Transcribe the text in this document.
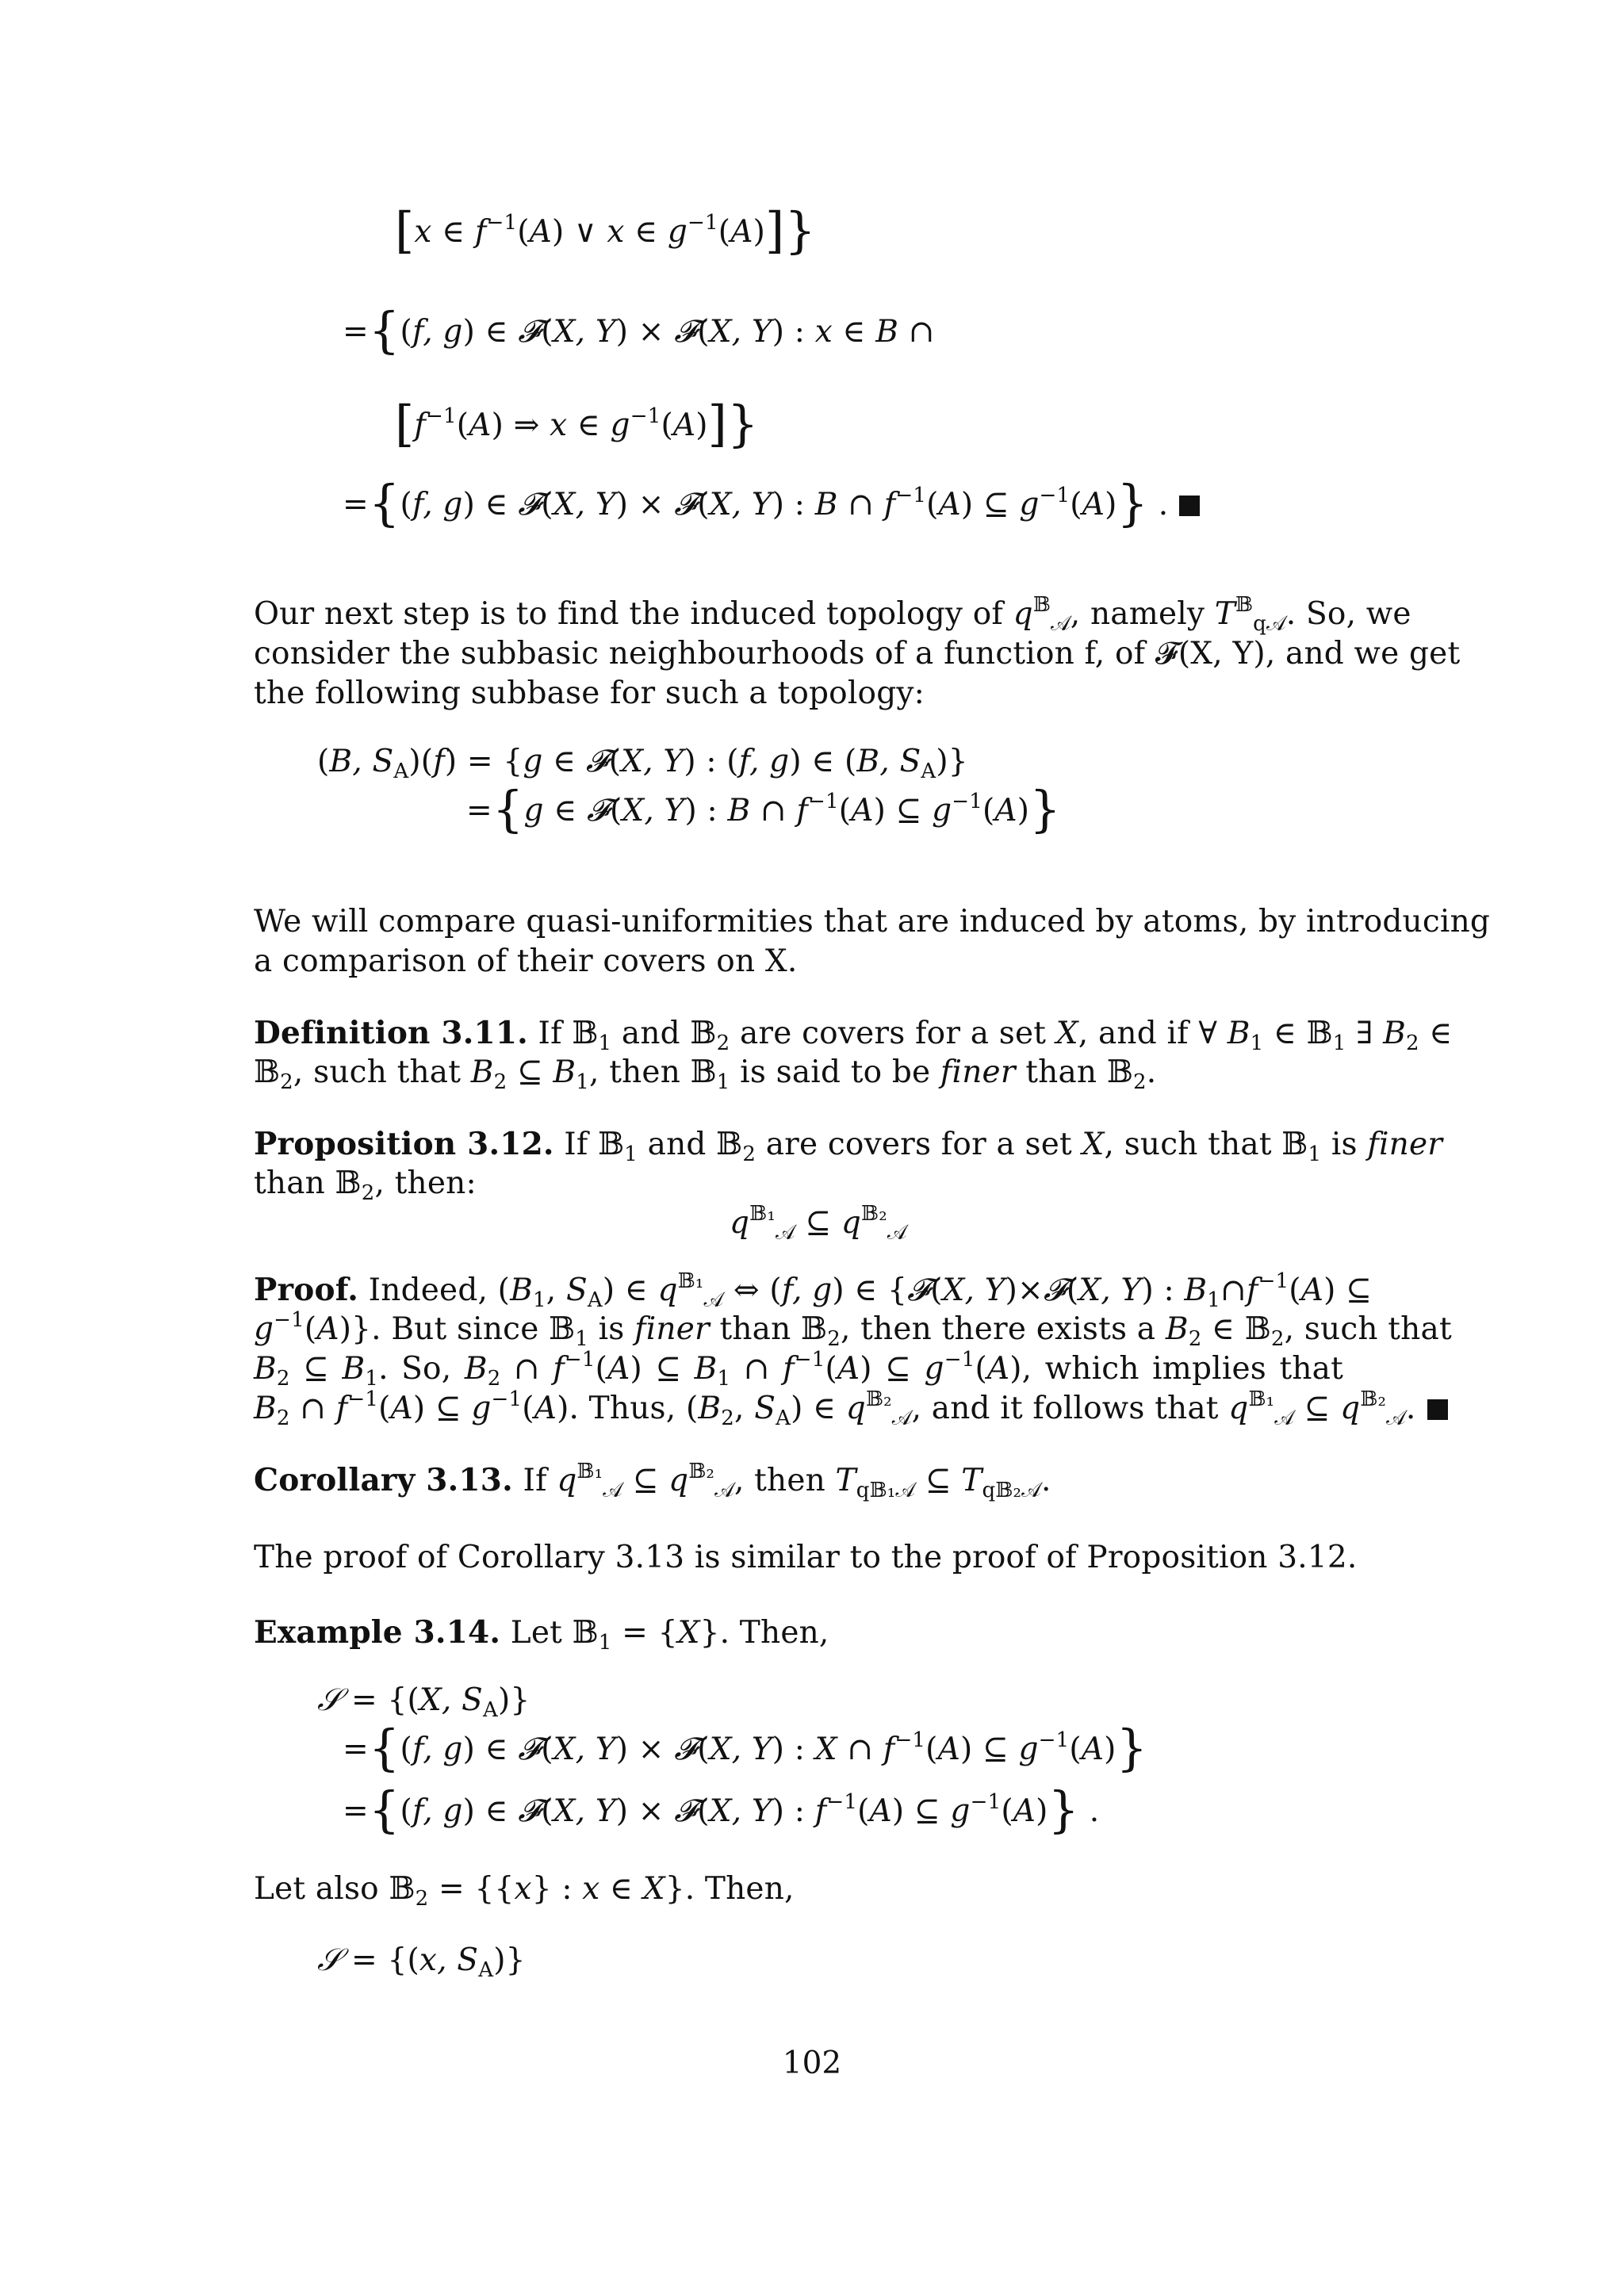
[x ∈ $f^{-1}(A)$ ∨ x ∈ $g^{-1}(A)$]}
={(f, g) ∈ 𝓕(X, Y) × 𝓕(X, Y) : x ∈ B ∩
[$f^{-1}(A)$ ⇒ x ∈ $g^{-1}(A)$]}
={(f, g) ∈ 𝓕(X, Y) × 𝓕(X, Y) : B ∩ $f^{-1}(A)$ ⊆ $g^{-1}(A)$} .
Our next step is to find the induced topology of $q^𝔹_𝒜$, namely $T^𝔹_{q𝒜}$. So, we
consider the subbasic neighbourhoods of a function f, of 𝓕(X, Y), and we get
the following subbase for such a topology:
(B, $S_A)(f) = \{g$ ∈ 𝓕(X, Y) : (f, g) ∈ (B, $S_A$)}
={g ∈ 𝓕(X, Y) : B ∩ $f^{-1}(A)$ ⊆ $g^{-1}(A)$}
We will compare quasi-uniformities that are induced by atoms, by introducing
a comparison of their covers on X.
Definition 3.11. If 𝔹$_1$ and 𝔹$_2$ are covers for a set X, and if ∀ $B_1$ ∈ 𝔹$_1$ ∃ $B_2$ ∈
𝔹$_2$, such that $B_2$ ⊆ $B_1$, then 𝔹$_1$ is said to be finer than 𝔹$_2$.
Proposition 3.12. If 𝔹$_1$ and 𝔹$_2$ are covers for a set X, such that 𝔹$_1$ is finer
than 𝔹$_2$, then:
$q^{𝔹_1}_𝒜$ ⊆ $q^{𝔹_2}_𝒜$
Proof. Indeed, ($B_1$, $S_A$) ∈ $q^{𝔹_1}_𝒜$ ⇔ (f, g) ∈ {𝓕(X, Y)×𝓕(X, Y) : $B_1\cap f^{-1}(A)$ ⊆
$g^{-1}(A)$}. But since 𝔹$_1$ is finer than 𝔹$_2$, then there exists a $B_2$ ∈ 𝔹$_2$, such that
$B_2$ ⊆ $B_1$. So, $B_2$ ∩ $f^{-1}(A)$ ⊆ $B_1$ ∩ $f^{-1}(A)$ ⊆ $g^{-1}(A)$, which implies that
$B_2$ ∩ $f^{-1}(A)$ ⊆ $g^{-1}(A)$. Thus, ($B_2$, $S_A$) ∈ $q^{𝔹_2}_𝒜$, and it follows that $q^{𝔹_1}_𝒜$ ⊆ $q^{𝔹_2}_𝒜$.
Corollary 3.13. If $q^{𝔹_1}_𝒜$ ⊆ $q^{𝔹_2}_𝒜$, then $T_{q𝔹_1𝒜}$ ⊆ $T_{q𝔹_2𝒜}$.
The proof of Corollary 3.13 is similar to the proof of Proposition 3.12.
Example 3.14. Let 𝔹$_1$ = {X}. Then,
𝒮 = {(X, $S_A$)}
={(f, g) ∈ 𝓕(X, Y) × 𝓕(X, Y) : X ∩ $f^{-1}(A)$ ⊆ $g^{-1}(A)$}
={(f, g) ∈ 𝓕(X, Y) × 𝓕(X, Y) : $f^{-1}(A)$ ⊆ $g^{-1}(A)$} .
Let also 𝔹$_2$ = {{x} : x ∈ X}. Then,
𝒮 = {(x, $S_A$)}
102
